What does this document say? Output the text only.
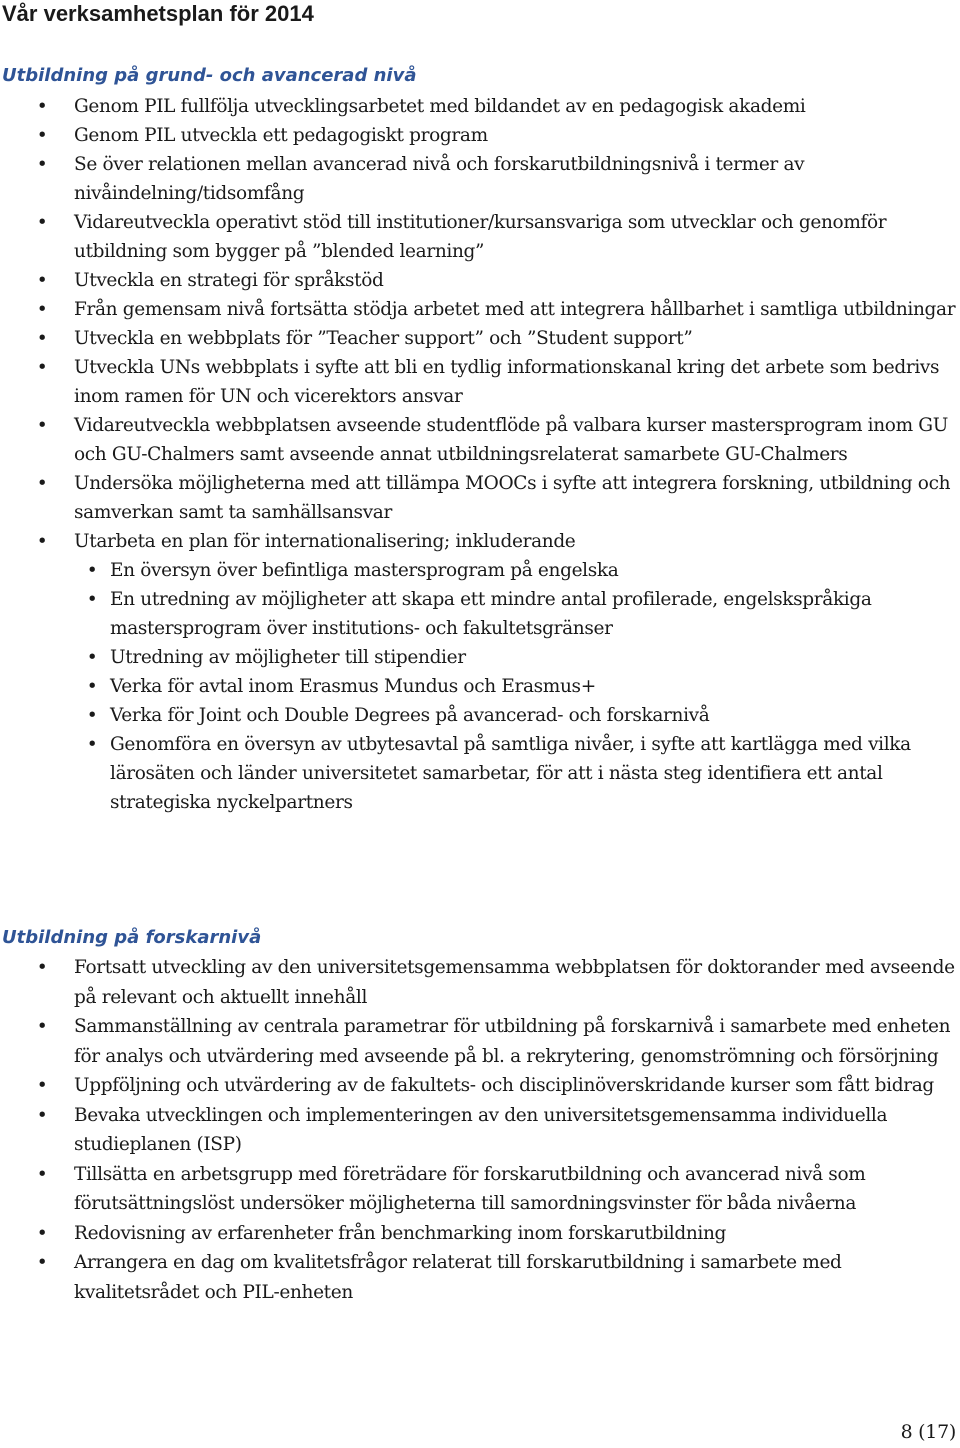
Vår verksamhetsplan för 2014
Utbildning på grund- och avancerad nivå
• Genom PIL fullfölja utvecklingsarbetet med bildandet av en pedagogisk akademi
• Genom PIL utveckla ett pedagogiskt program
• Se över relationen mellan avancerad nivå och forskarutbildningsnivå i termer av nivåindelning/tidsomfång
• Vidareutveckla operativt stöd till institutioner/kursansvariga som utvecklar och genomför utbildning som bygger på ”blended learning”
• Utveckla en strategi för språkstöd
• Från gemensam nivå fortsätta stödja arbetet med att integrera hållbarhet i samtliga utbildningar
• Utveckla en webbplats för ”Teacher support” och ”Student support”
• Utveckla UNs webbplats i syfte att bli en tydlig informationskanal kring det arbete som bedrivs inom ramen för UN och vicerektors ansvar
• Vidareutveckla webbplatsen avseende studentflöde på valbara kurser mastersprogram inom GU och GU-Chalmers samt avseende annat utbildningsrelaterat samarbete GU-Chalmers
• Undersöka möjligheterna med att tillämpa MOOCs i syfte att integrera forskning, utbildning och samverkan samt ta samhällsansvar
• Utarbeta en plan för internationalisering; inkluderande
• En översyn över befintliga mastersprogram på engelska
• En utredning av möjligheter att skapa ett mindre antal profilerade, engelskspråkiga mastersprogram över institutions- och fakultetsgränser
• Utredning av möjligheter till stipendier
• Verka för avtal inom Erasmus Mundus och Erasmus+
• Verka för Joint och Double Degrees på avancerad- och forskarnivå
• Genomföra en översyn av utbytesavtal på samtliga nivåer, i syfte att kartlägga med vilka lärosäten och länder universitetet samarbetar, för att i nästa steg identifiera ett antal strategiska nyckelpartners
Utbildning på forskarnivå
• Fortsatt utveckling av den universitetsgemensamma webbplatsen för doktorander med avseende på relevant och aktuellt innehåll
• Sammanställning av centrala parametrar för utbildning på forskarnivå i samarbete med enheten för analys och utvärdering med avseende på bl. a rekrytering, genomströmning och försörjning
• Uppföljning och utvärdering av de fakultets- och disciplinöverskridande kurser som fått bidrag
• Bevaka utvecklingen och implementeringen av den universitetsgemensamma individuella studieplanen (ISP)
• Tillsätta en arbetsgrupp med företrädare för forskarutbildning och avancerad nivå som förutsättningslöst undersöker möjligheterna till samordningsvinster för båda nivåerna
• Redovisning av erfarenheter från benchmarking inom forskarutbildning
• Arrangera en dag om kvalitetsfrågor relaterat till forskarutbildning i samarbete med kvalitetsrådet och PIL-enheten
8 (17)
